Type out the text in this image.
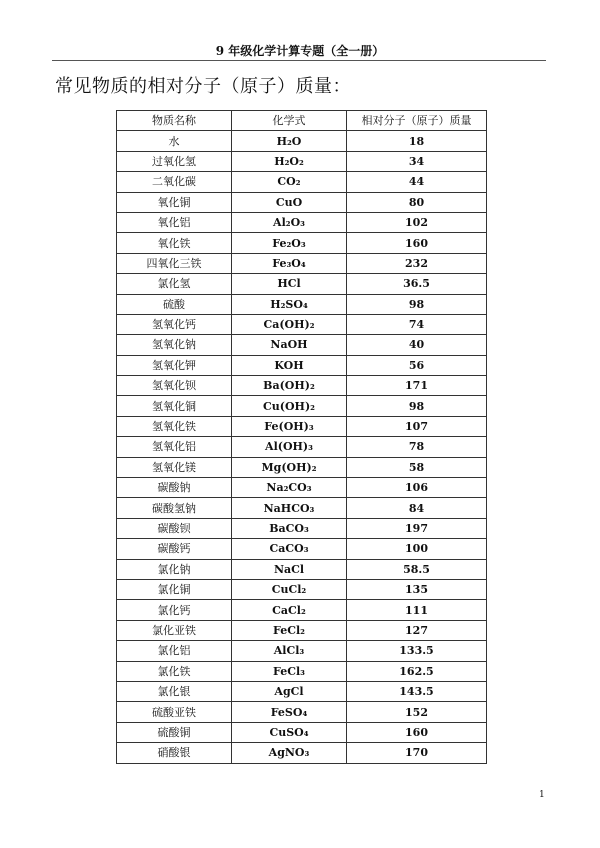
9 年级化学计算专题（全一册）
常见物质的相对分子（原子）质量：
物质名称	化学式	相对分子（原子）质量
水	H₂O	18
过氧化氢	H₂O₂	34
二氧化碳	CO₂	44
氧化铜	CuO	80
氧化铝	Al₂O₃	102
氧化铁	Fe₂O₃	160
四氧化三铁	Fe₃O₄	232
氯化氢	HCl	36.5
硫酸	H₂SO₄	98
氢氧化钙	Ca(OH)₂	74
氢氧化钠	NaOH	40
氢氧化钾	KOH	56
氢氧化钡	Ba(OH)₂	171
氢氧化铜	Cu(OH)₂	98
氢氧化铁	Fe(OH)₃	107
氢氧化铝	Al(OH)₃	78
氢氧化镁	Mg(OH)₂	58
碳酸钠	Na₂CO₃	106
碳酸氢钠	NaHCO₃	84
碳酸钡	BaCO₃	197
碳酸钙	CaCO₃	100
氯化钠	NaCl	58.5
氯化铜	CuCl₂	135
氯化钙	CaCl₂	111
氯化亚铁	FeCl₂	127
氯化铝	AlCl₃	133.5
氯化铁	FeCl₃	162.5
氯化银	AgCl	143.5
硫酸亚铁	FeSO₄	152
硫酸铜	CuSO₄	160
硝酸银	AgNO₃	170
1
